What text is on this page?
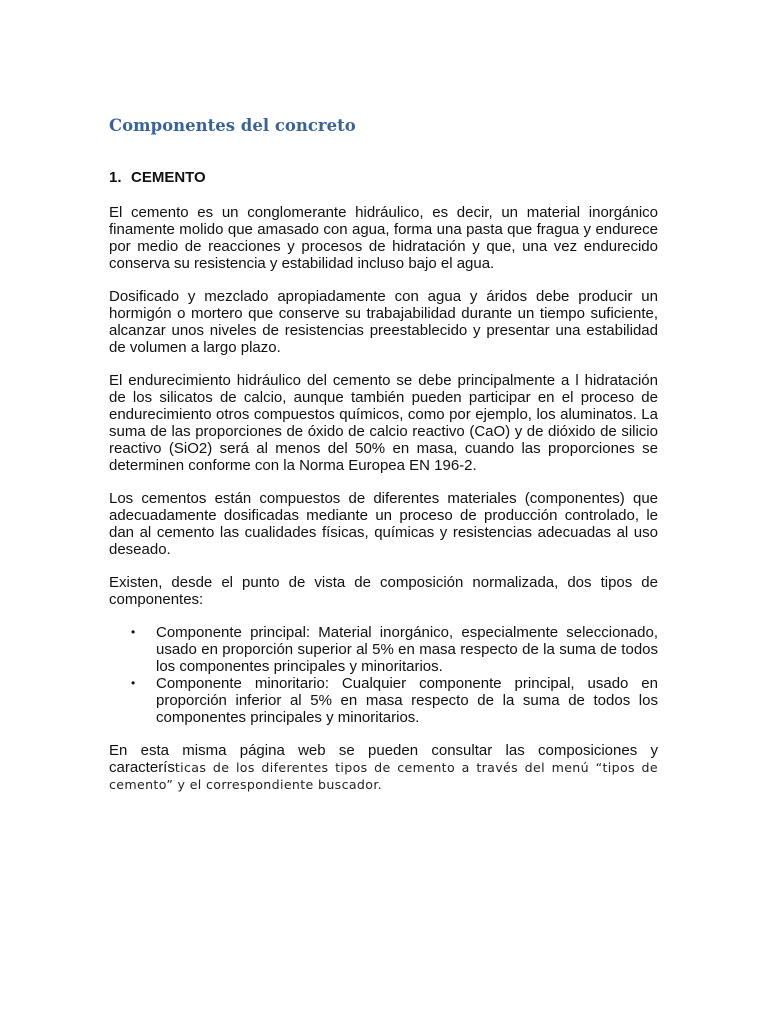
Componentes del concreto
1. CEMENTO

El cemento es un conglomerante hidráulico, es decir, un material inorgánico finamente molido que amasado con agua, forma una pasta que fragua y endurece por medio de reacciones y procesos de hidratación y que, una vez endurecido conserva su resistencia y estabilidad incluso bajo el agua.

Dosificado y mezclado apropiadamente con agua y áridos debe producir un hormigón o mortero que conserve su trabajabilidad durante un tiempo suficiente, alcanzar unos niveles de resistencias preestablecido y presentar una estabilidad de volumen a largo plazo.

El endurecimiento hidráulico del cemento se debe principalmente a l hidratación de los silicatos de calcio, aunque también pueden participar en el proceso de endurecimiento otros compuestos químicos, como por ejemplo, los aluminatos. La suma de las proporciones de óxido de calcio reactivo (CaO) y de dióxido de silicio reactivo (SiO2) será al menos del 50% en masa, cuando las proporciones se determinen conforme con la Norma Europea EN 196-2.

Los cementos están compuestos de diferentes materiales (componentes) que adecuadamente dosificadas mediante un proceso de producción controlado, le dan al cemento las cualidades físicas, químicas y resistencias adecuadas al uso deseado.

Existen, desde el punto de vista de composición normalizada, dos tipos de componentes:

• Componente principal: Material inorgánico, especialmente seleccionado, usado en proporción superior al 5% en masa respecto de la suma de todos los componentes principales y minoritarios.
• Componente minoritario: Cualquier componente principal, usado en proporción inferior al 5% en masa respecto de la suma de todos los componentes principales y minoritarios.

En esta misma página web se pueden consultar las composiciones y características de los diferentes tipos de cemento a través del menú “tipos de cemento” y el correspondiente buscador.
